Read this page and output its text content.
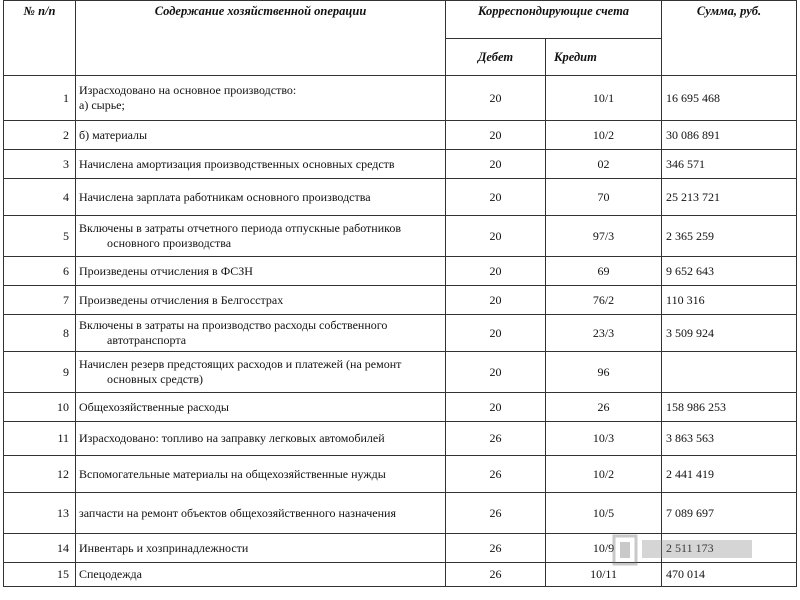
№ п/п	Содержание хозяйственной операции	Корреспондирующие счета		Сумма, руб.
		Дебет	Кредит	
1	Израсходовано на основное производство:
а) сырье;	20	10/1	16 695 468
2	б) материалы	20	10/2	30 086 891
3	Начислена амортизация производственных основных средств	20	02	346 571
4	Начислена зарплата работникам основного производства	20	70	25 213 721
5	Включены в затраты отчетного периода отпускные работников
основного производства	20	97/3	2 365 259
6	Произведены отчисления в ФСЗН	20	69	9 652 643
7	Произведены отчисления в Белгосстрах	20	76/2	110 316
8	Включены в затраты на производство расходы собственного
автотранспорта	20	23/3	3 509 924
9	Начислен резерв предстоящих расходов и платежей (на ремонт
основных средств)	20	96	
10	Общехозяйственные расходы	20	26	158 986 253
11	Израсходовано: топливо на заправку легковых автомобилей	26	10/3	3 863 563
12	Вспомогательные материалы на общехозяйственные нужды	26	10/2	2 441 419
13	запчасти на ремонт объектов общехозяйственного назначения	26	10/5	7 089 697
14	Инвентарь и хозпринадлежности	26	10/9	2 511 173
15	Спецодежда	26	10/11	470 014
